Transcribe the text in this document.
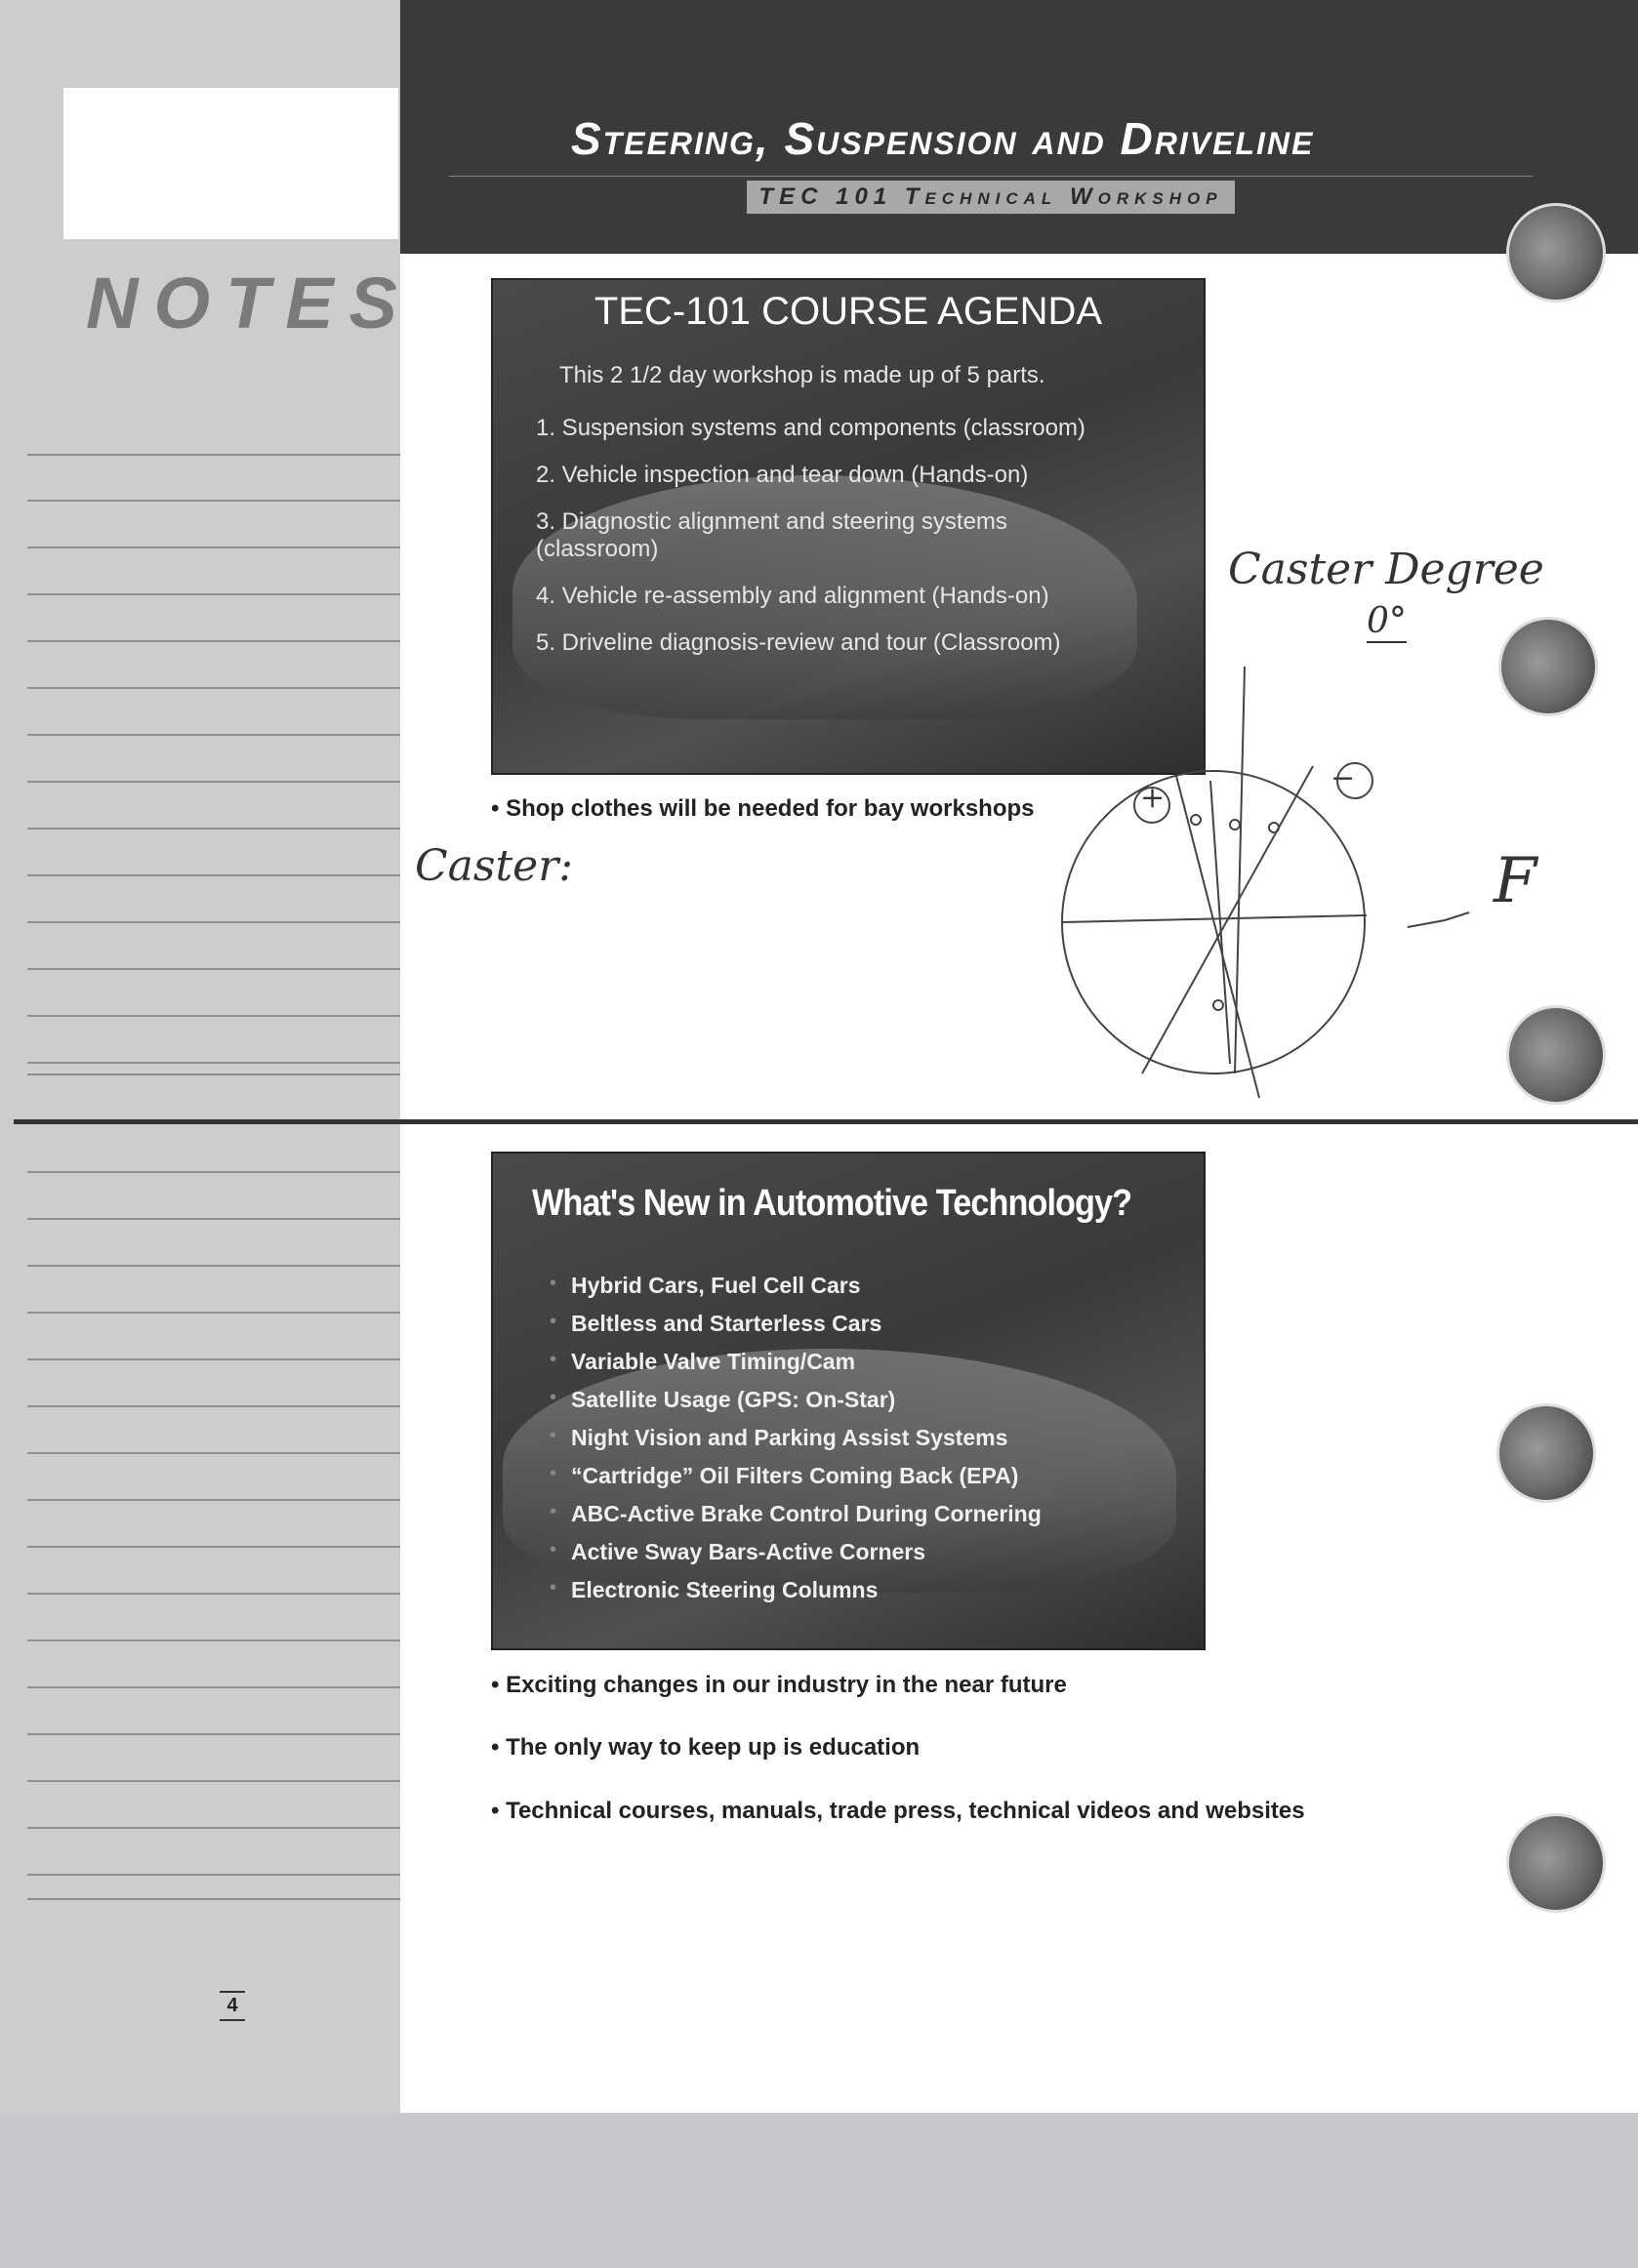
NOTES
4
Steering, Suspension and Driveline
TEC 101 Technical Workshop
TEC-101 COURSE AGENDA
This 2 1/2 day workshop is made up of 5 parts.
1. Suspension systems and components (classroom)
2. Vehicle inspection and tear down (Hands-on)
3. Diagnostic alignment and steering systems (classroom)
4. Vehicle re-assembly and alignment (Hands-on)
5. Driveline diagnosis-review and tour (Classroom)
• Shop clothes will be needed for bay workshops
What's New in Automotive Technology?
• Hybrid Cars, Fuel Cell Cars
• Beltless and Starterless Cars
• Variable Valve Timing/Cam
• Satellite Usage (GPS: On-Star)
• Night Vision and Parking Assist Systems
• “Cartridge” Oil Filters Coming Back (EPA)
• ABC-Active Brake Control During Cornering
• Active Sway Bars-Active Corners
• Electronic Steering Columns
• Exciting changes in our industry in the near future
• The only way to keep up is education
• Technical courses, manuals, trade press, technical videos and websites
Caster:
Caster Degree
0°
+
−
F
